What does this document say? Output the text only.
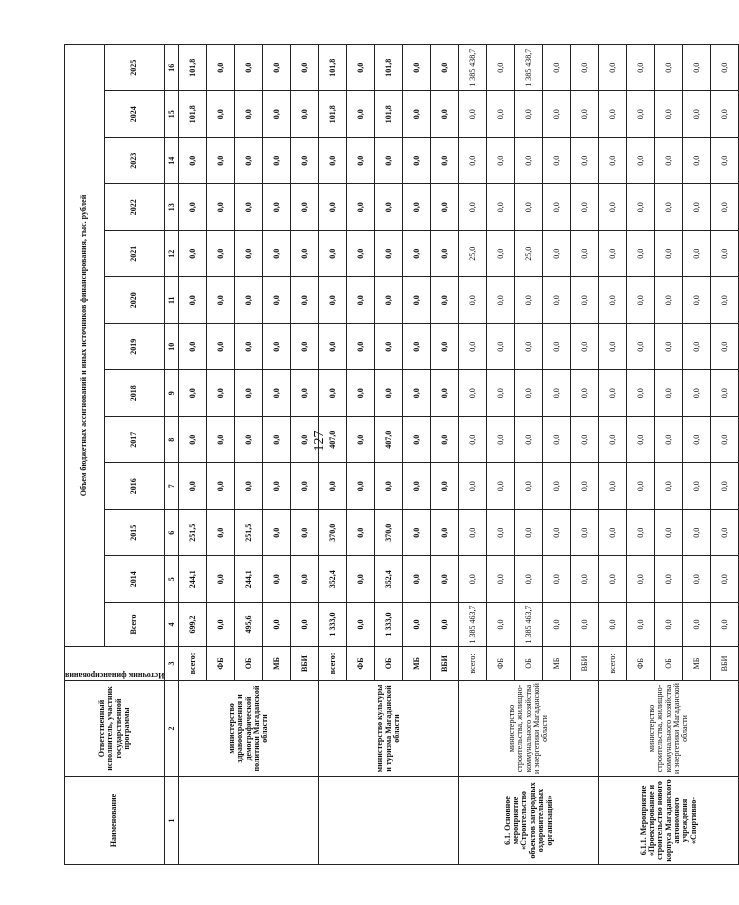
127
Наименование	Ответственный исполнитель, участник государственной программы	Источник финансирования	Объем бюджетных ассигнований и иных источников финансирования, тыс. рублей												
			Всего	2014	2015	2016	2017	2018	2019	2020	2021	2022	2023	2024	2025
1	2	3	4	5	6	7	8	9	10	11	12	13	14	15	16
	министерство здравоохранения и демографической политики Магаданской области	всего:	699,2	244,1	251,5	0,0	0,0	0,0	0,0	0,0	0,0	0,0	0,0	101,8	101,8
		ФБ	0,0	0,0	0,0	0,0	0,0	0,0	0,0	0,0	0,0	0,0	0,0	0,0	0,0
		ОБ	495,6	244,1	251,5	0,0	0,0	0,0	0,0	0,0	0,0	0,0	0,0	0,0	0,0
		МБ	0,0	0,0	0,0	0,0	0,0	0,0	0,0	0,0	0,0	0,0	0,0	0,0	0,0
		ВБИ	0,0	0,0	0,0	0,0	0,0	0,0	0,0	0,0	0,0	0,0	0,0	0,0	0,0
	министерство культуры и туризма Магаданской области	всего:	1 333,0	352,4	370,0	0,0	407,0	0,0	0,0	0,0	0,0	0,0	0,0	101,8	101,8
		ФБ	0,0	0,0	0,0	0,0	0,0	0,0	0,0	0,0	0,0	0,0	0,0	0,0	0,0
		ОБ	1 333,0	352,4	370,0	0,0	407,0	0,0	0,0	0,0	0,0	0,0	0,0	101,8	101,8
		МБ	0,0	0,0	0,0	0,0	0,0	0,0	0,0	0,0	0,0	0,0	0,0	0,0	0,0
		ВБИ	0,0	0,0	0,0	0,0	0,0	0,0	0,0	0,0	0,0	0,0	0,0	0,0	0,0
6.1. Основное мероприятие «Строительство объектов загородных оздоровительных организаций»	министерство строительства, жилищно-коммунального хозяйства и энергетики Магаданской области	всего:	1 385 463,7	0,0	0,0	0,0	0,0	0,0	0,0	0,0	25,0	0,0	0,0	0,0	1 385 438,7
		ФБ	0,0	0,0	0,0	0,0	0,0	0,0	0,0	0,0	0,0	0,0	0,0	0,0	0,0
		ОБ	1 385 463,7	0,0	0,0	0,0	0,0	0,0	0,0	0,0	25,0	0,0	0,0	0,0	1 385 438,7
		МБ	0,0	0,0	0,0	0,0	0,0	0,0	0,0	0,0	0,0	0,0	0,0	0,0	0,0
		ВБИ	0,0	0,0	0,0	0,0	0,0	0,0	0,0	0,0	0,0	0,0	0,0	0,0	0,0
6.1.1. Мероприятие «Проектирование и строительство нового корпуса Магаданского автономного учреждения «Спортивно-	министерство строительства, жилищно-коммунального хозяйства и энергетики Магаданской области	всего:	0,0	0,0	0,0	0,0	0,0	0,0	0,0	0,0	0,0	0,0	0,0	0,0	0,0
		ФБ	0,0	0,0	0,0	0,0	0,0	0,0	0,0	0,0	0,0	0,0	0,0	0,0	0,0
		ОБ	0,0	0,0	0,0	0,0	0,0	0,0	0,0	0,0	0,0	0,0	0,0	0,0	0,0
		МБ	0,0	0,0	0,0	0,0	0,0	0,0	0,0	0,0	0,0	0,0	0,0	0,0	0,0
		ВБИ	0,0	0,0	0,0	0,0	0,0	0,0	0,0	0,0	0,0	0,0	0,0	0,0	0,0
